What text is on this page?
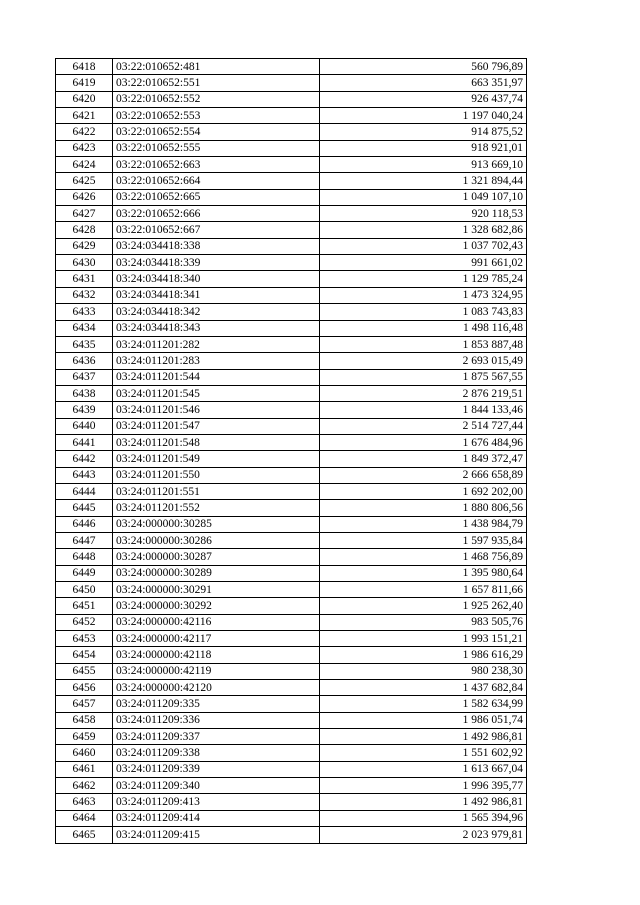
6418	03:22:010652:481	560 796,89
6419	03:22:010652:551	663 351,97
6420	03:22:010652:552	926 437,74
6421	03:22:010652:553	1 197 040,24
6422	03:22:010652:554	914 875,52
6423	03:22:010652:555	918 921,01
6424	03:22:010652:663	913 669,10
6425	03:22:010652:664	1 321 894,44
6426	03:22:010652:665	1 049 107,10
6427	03:22:010652:666	920 118,53
6428	03:22:010652:667	1 328 682,86
6429	03:24:034418:338	1 037 702,43
6430	03:24:034418:339	991 661,02
6431	03:24:034418:340	1 129 785,24
6432	03:24:034418:341	1 473 324,95
6433	03:24:034418:342	1 083 743,83
6434	03:24:034418:343	1 498 116,48
6435	03:24:011201:282	1 853 887,48
6436	03:24:011201:283	2 693 015,49
6437	03:24:011201:544	1 875 567,55
6438	03:24:011201:545	2 876 219,51
6439	03:24:011201:546	1 844 133,46
6440	03:24:011201:547	2 514 727,44
6441	03:24:011201:548	1 676 484,96
6442	03:24:011201:549	1 849 372,47
6443	03:24:011201:550	2 666 658,89
6444	03:24:011201:551	1 692 202,00
6445	03:24:011201:552	1 880 806,56
6446	03:24:000000:30285	1 438 984,79
6447	03:24:000000:30286	1 597 935,84
6448	03:24:000000:30287	1 468 756,89
6449	03:24:000000:30289	1 395 980,64
6450	03:24:000000:30291	1 657 811,66
6451	03:24:000000:30292	1 925 262,40
6452	03:24:000000:42116	983 505,76
6453	03:24:000000:42117	1 993 151,21
6454	03:24:000000:42118	1 986 616,29
6455	03:24:000000:42119	980 238,30
6456	03:24:000000:42120	1 437 682,84
6457	03:24:011209:335	1 582 634,99
6458	03:24:011209:336	1 986 051,74
6459	03:24:011209:337	1 492 986,81
6460	03:24:011209:338	1 551 602,92
6461	03:24:011209:339	1 613 667,04
6462	03:24:011209:340	1 996 395,77
6463	03:24:011209:413	1 492 986,81
6464	03:24:011209:414	1 565 394,96
6465	03:24:011209:415	2 023 979,81
